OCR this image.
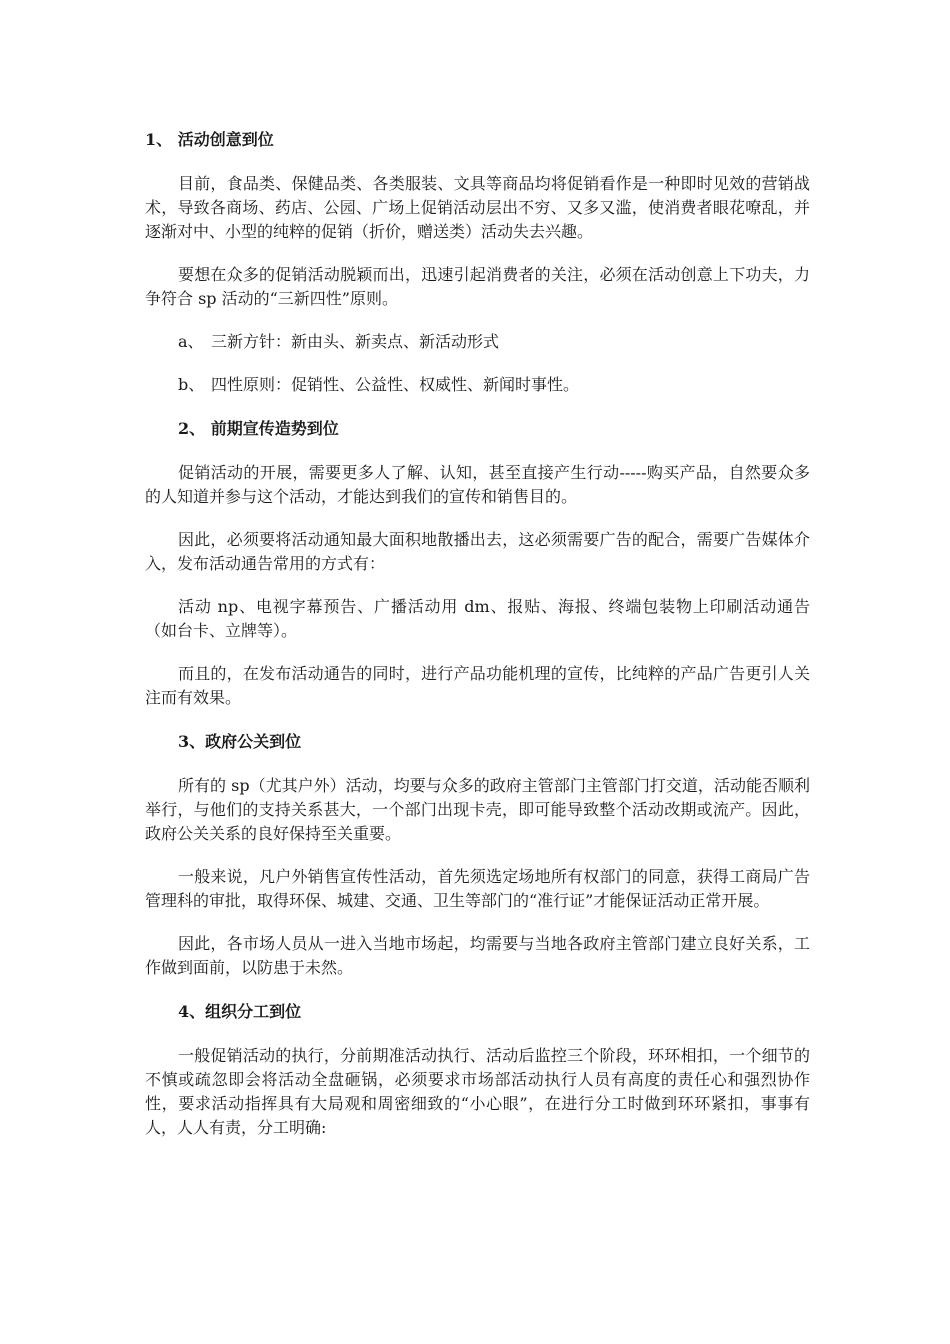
1、 活动创意到位

目前，食品类、保健品类、各类服装、文具等商品均将促销看作是一种即时见效的营销战术，导致各商场、药店、公园、广场上促销活动层出不穷、又多又滥，使消费者眼花嘹乱，并逐渐对中、小型的纯粹的促销（折价，赠送类）活动失去兴趣。

要想在众多的促销活动脱颖而出，迅速引起消费者的关注，必须在活动创意上下功夫，力争符合 sp 活动的“三新四性”原则。

a、 三新方针：新由头、新卖点、新活动形式

b、 四性原则：促销性、公益性、权威性、新闻时事性。

2、 前期宣传造势到位

促销活动的开展，需要更多人了解、认知，甚至直接产生行动-----购买产品，自然要众多的人知道并参与这个活动，才能达到我们的宣传和销售目的。

因此，必须要将活动通知最大面积地散播出去，这必须需要广告的配合，需要广告媒体介入，发布活动通告常用的方式有：

活动 np、电视字幕预告、广播活动用 dm、报贴、海报、终端包装物上印刷活动通告（如台卡、立牌等）。

而且的，在发布活动通告的同时，进行产品功能机理的宣传，比纯粹的产品广告更引人关注而有效果。

3、政府公关到位

所有的 sp（尤其户外）活动，均要与众多的政府主管部门主管部门打交道，活动能否顺利举行，与他们的支持关系甚大，一个部门出现卡壳，即可能导致整个活动改期或流产。因此，政府公关关系的良好保持至关重要。

一般来说，凡户外销售宣传性活动，首先须选定场地所有权部门的同意，获得工商局广告管理科的审批，取得环保、城建、交通、卫生等部门的“准行证”才能保证活动正常开展。

因此，各市场人员从一进入当地市场起，均需要与当地各政府主管部门建立良好关系，工作做到面前，以防患于未然。

4、组织分工到位

一般促销活动的执行，分前期准活动执行、活动后监控三个阶段，环环相扣，一个细节的不慎或疏忽即会将活动全盘砸锅，必须要求市场部活动执行人员有高度的责任心和强烈协作性，要求活动指挥具有大局观和周密细致的“小心眼”，在进行分工时做到环环紧扣，事事有人，人人有责，分工明确:
